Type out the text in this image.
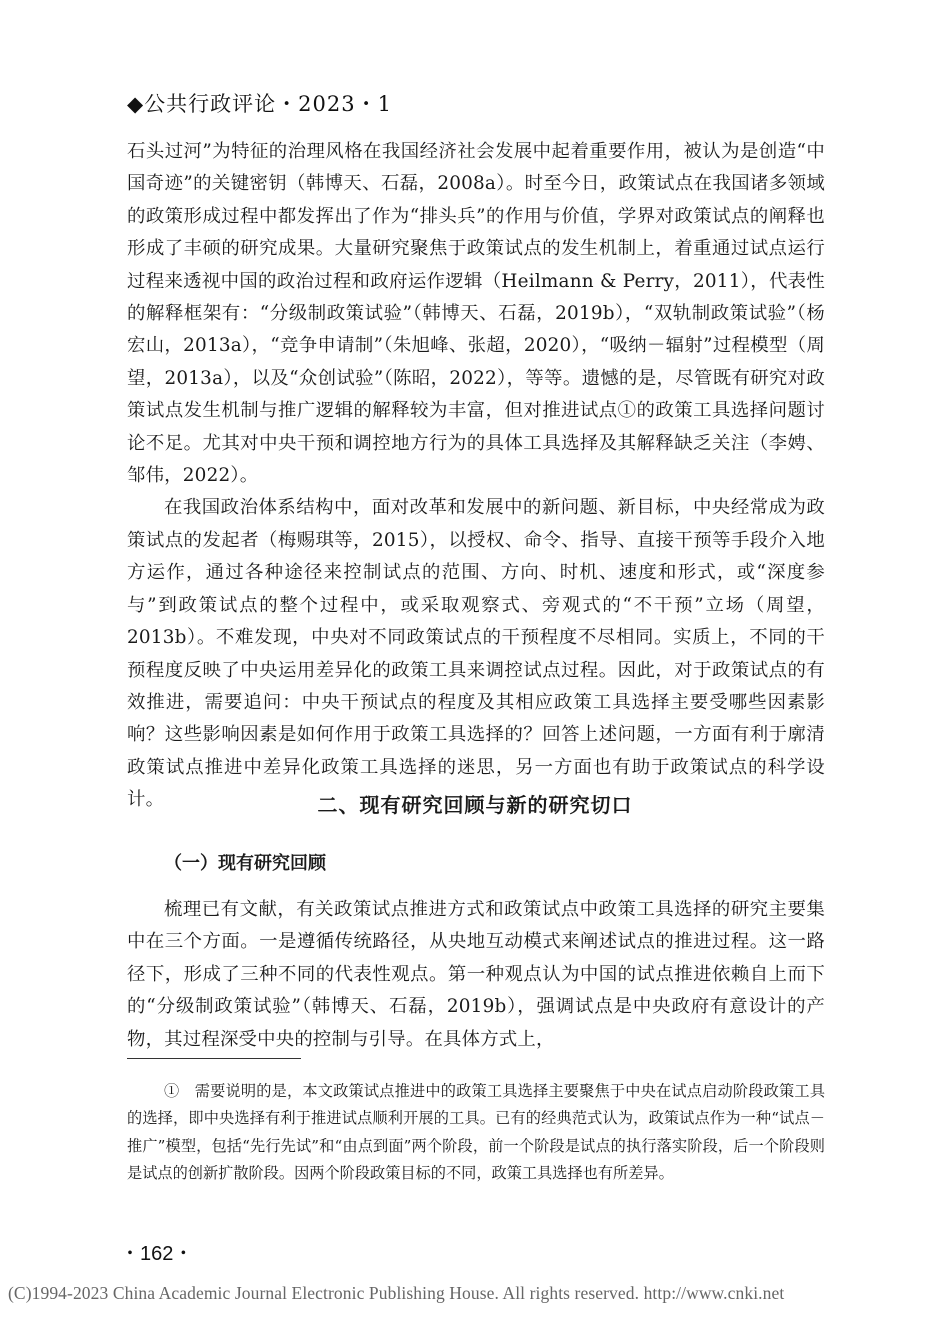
◆公共行政评论・2023・1

石头过河”为特征的治理风格在我国经济社会发展中起着重要作用，被认为是创造“中国奇迹”的关键密钥（韩博天、石磊，2008a）。时至今日，政策试点在我国诸多领域的政策形成过程中都发挥出了作为“排头兵”的作用与价值，学界对政策试点的阐释也形成了丰硕的研究成果。大量研究聚焦于政策试点的发生机制上，着重通过试点运行过程来透视中国的政治过程和政府运作逻辑（Heilmann & Perry，2011），代表性的解释框架有：“分级制政策试验”（韩博天、石磊，2019b），“双轨制政策试验”（杨宏山，2013a），“竞争申请制”（朱旭峰、张超，2020），“吸纳－辐射”过程模型（周望，2013a），以及“众创试验”（陈昭，2022），等等。遗憾的是，尽管既有研究对政策试点发生机制与推广逻辑的解释较为丰富，但对推进试点①的政策工具选择问题讨论不足。尤其对中央干预和调控地方行为的具体工具选择及其解释缺乏关注（李娉、邹伟，2022）。

在我国政治体系结构中，面对改革和发展中的新问题、新目标，中央经常成为政策试点的发起者（梅赐琪等，2015），以授权、命令、指导、直接干预等手段介入地方运作，通过各种途径来控制试点的范围、方向、时机、速度和形式，或“深度参与”到政策试点的整个过程中，或采取观察式、旁观式的“不干预”立场（周望，2013b）。不难发现，中央对不同政策试点的干预程度不尽相同。实质上，不同的干预程度反映了中央运用差异化的政策工具来调控试点过程。因此，对于政策试点的有效推进，需要追问：中央干预试点的程度及其相应政策工具选择主要受哪些因素影响？这些影响因素是如何作用于政策工具选择的？回答上述问题，一方面有利于廓清政策试点推进中差异化政策工具选择的迷思，另一方面也有助于政策试点的科学设计。	二、现有研究回顾与新的研究切口
（一）现有研究回顾

梳理已有文献，有关政策试点推进方式和政策试点中政策工具选择的研究主要集中在三个方面。一是遵循传统路径，从央地互动模式来阐述试点的推进过程。这一路径下，形成了三种不同的代表性观点。第一种观点认为中国的试点推进依赖自上而下的“分级制政策试验”（韩博天、石磊，2019b），强调试点是中央政府有意设计的产物，其过程深受中央的控制与引导。在具体方式上，

①　需要说明的是，本文政策试点推进中的政策工具选择主要聚焦于中央在试点启动阶段政策工具的选择，即中央选择有利于推进试点顺利开展的工具。已有的经典范式认为，政策试点作为一种“试点－推广”模型，包括“先行先试”和“由点到面”两个阶段，前一个阶段是试点的执行落实阶段，后一个阶段则是试点的创新扩散阶段。因两个阶段政策目标的不同，政策工具选择也有所差异。

・162・
(C)1994-2023 China Academic Journal Electronic Publishing House. All rights reserved. http://www.cnki.net
